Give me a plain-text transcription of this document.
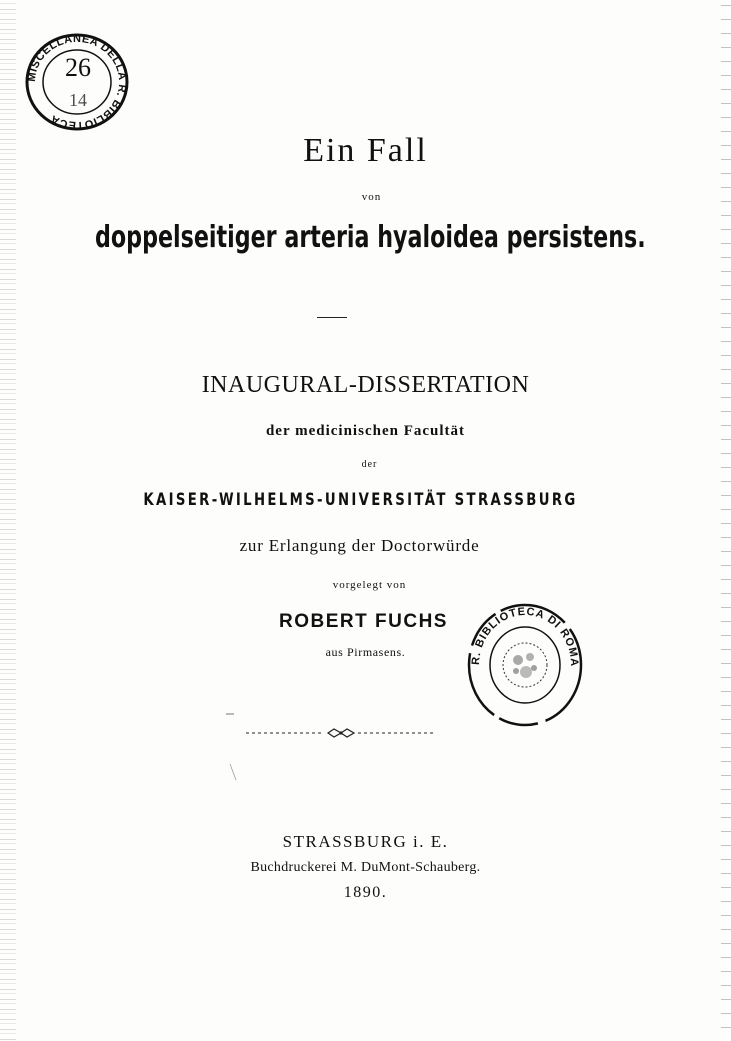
MISCELLANEA DELLA R. BIBLIOTECA
26
14
Ein Fall
von
doppelseitiger arteria hyaloidea persistens.
INAUGURAL-DISSERTATION
der medicinischen Facultät
der
KAISER-WILHELMS-UNIVERSITÄT STRASSBURG
zur Erlangung der Doctorwürde
vorgelegt von
ROBERT FUCHS
aus Pirmasens.
R. BIBLIOTECA DI ROMA
STRASSBURG i. E.
Buchdruckerei M. DuMont-Schauberg.
1890.
